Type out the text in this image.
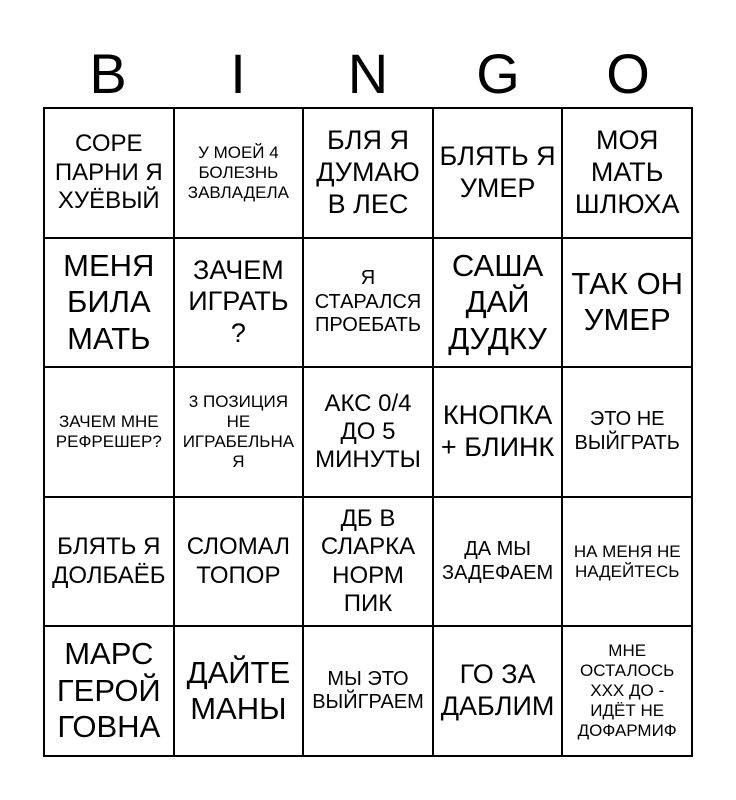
B	I	N	G	O
СОРЕ ПАРНИ Я ХУЁВЫЙ
У МОЕЙ 4 БОЛЕЗНЬ ЗАВЛАДЕЛА
БЛЯ Я ДУМАЮ В ЛЕС
БЛЯТЬ Я УМЕР
МОЯ МАТЬ ШЛЮХА
МЕНЯ БИЛА МАТЬ
ЗАЧЕМ ИГРАТЬ ?
Я СТАРАЛСЯ ПРОЕБАТЬ
САША ДАЙ ДУДКУ
ТАК ОН УМЕР
ЗАЧЕМ МНЕ РЕФРЕШЕР?
3 ПОЗИЦИЯ НЕ ИГРАБЕЛЬНАЯ
АКС 0/4 ДО 5 МИНУТЫ
КНОПКА + БЛИНК
ЭТО НЕ ВЫЙГРАТЬ
БЛЯТЬ Я ДОЛБАЁБ
СЛОМАЛ ТОПОР
ДБ В СЛАРКА НОРМ ПИК
ДА МЫ ЗАДЕФАЕМ
НА МЕНЯ НЕ НАДЕЙТЕСЬ
МАРС ГЕРОЙ ГОВНА
ДАЙТЕ МАНЫ
МЫ ЭТО ВЫЙГРАЕМ
ГО ЗА ДАБЛИМ
МНЕ ОСТАЛОСЬ ХХХ ДО - ИДЁТ НЕ ДОФАРМИФ
